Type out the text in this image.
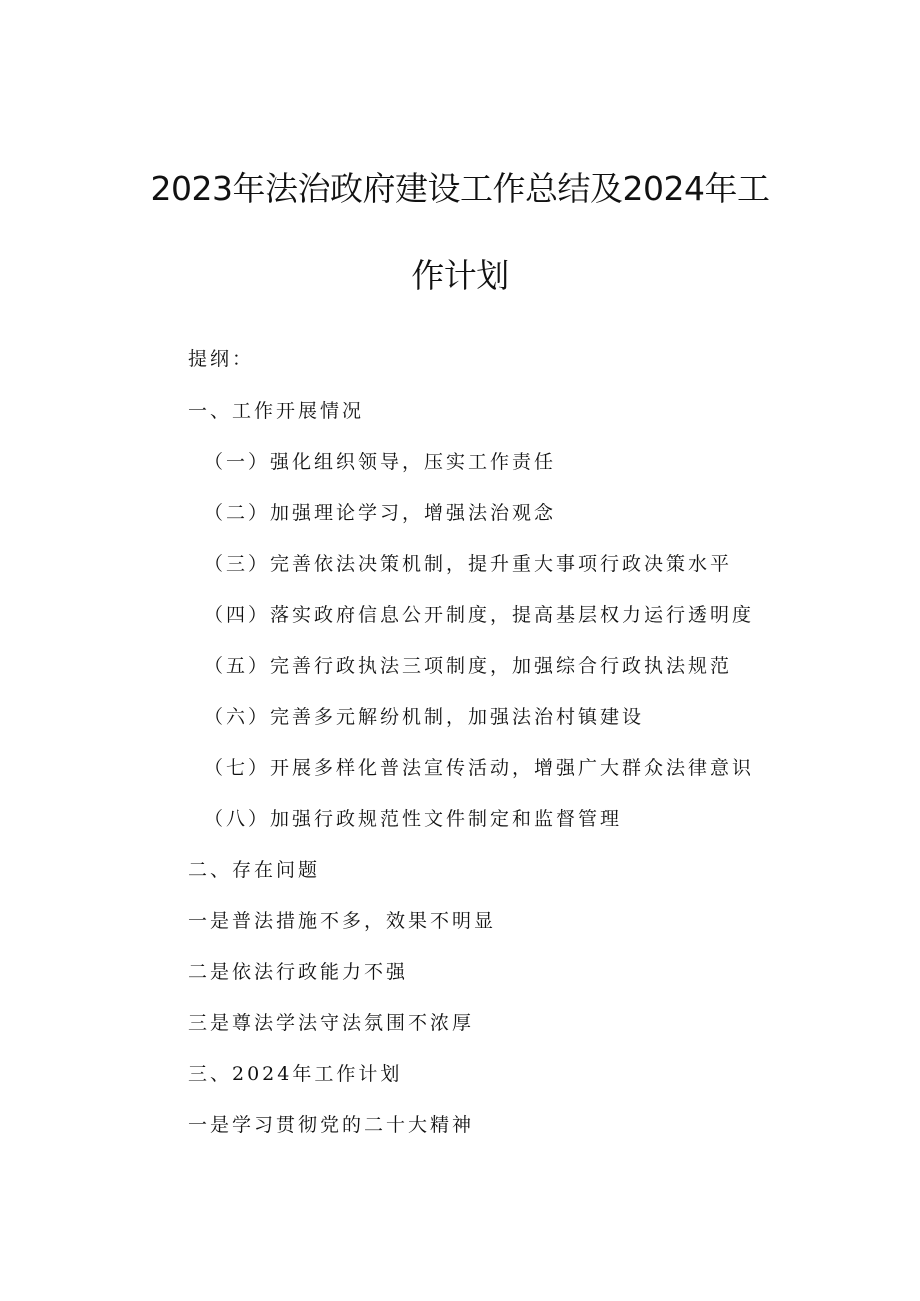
2023年法治政府建设工作总结及2024年工
作计划

提纲：

一、工作开展情况

（一）强化组织领导，压实工作责任

（二）加强理论学习，增强法治观念

（三）完善依法决策机制，提升重大事项行政决策水平

（四）落实政府信息公开制度，提高基层权力运行透明度

（五）完善行政执法三项制度，加强综合行政执法规范

（六）完善多元解纷机制，加强法治村镇建设

（七）开展多样化普法宣传活动，增强广大群众法律意识

（八）加强行政规范性文件制定和监督管理

二、存在问题

一是普法措施不多，效果不明显

二是依法行政能力不强

三是尊法学法守法氛围不浓厚

三、2024年工作计划

一是学习贯彻党的二十大精神
